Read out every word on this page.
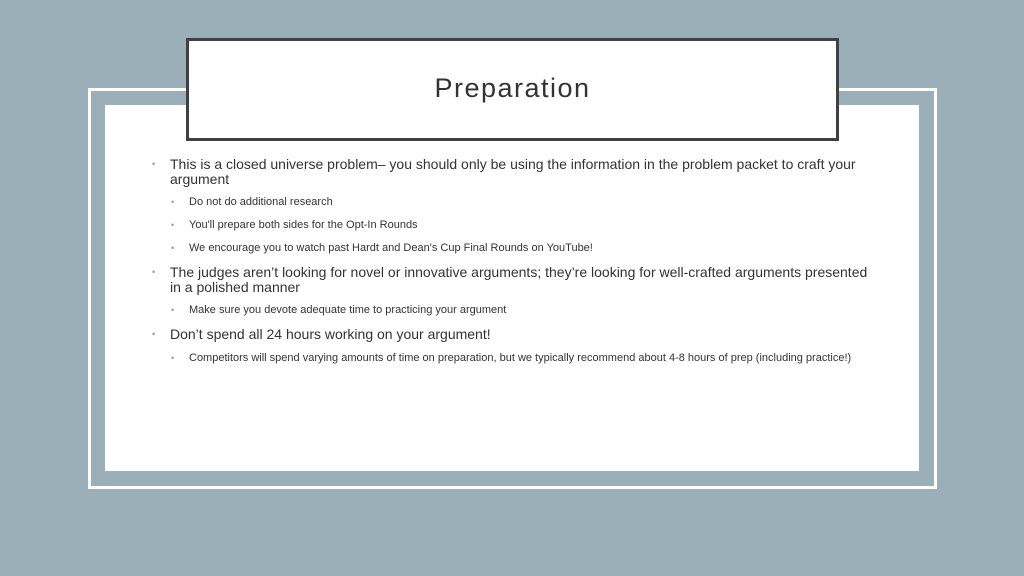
Preparation
• This is a closed universe problem– you should only be using the information in the problem packet to craft your argument
• Do not do additional research
• You'll prepare both sides for the Opt-In Rounds
• We encourage you to watch past Hardt and Dean's Cup Final Rounds on YouTube!
• The judges aren’t looking for novel or innovative arguments; they’re looking for well-crafted arguments presented in a polished manner
• Make sure you devote adequate time to practicing your argument
• Don’t spend all 24 hours working on your argument!
• Competitors will spend varying amounts of time on preparation, but we typically recommend about 4-8 hours of prep (including practice!)
